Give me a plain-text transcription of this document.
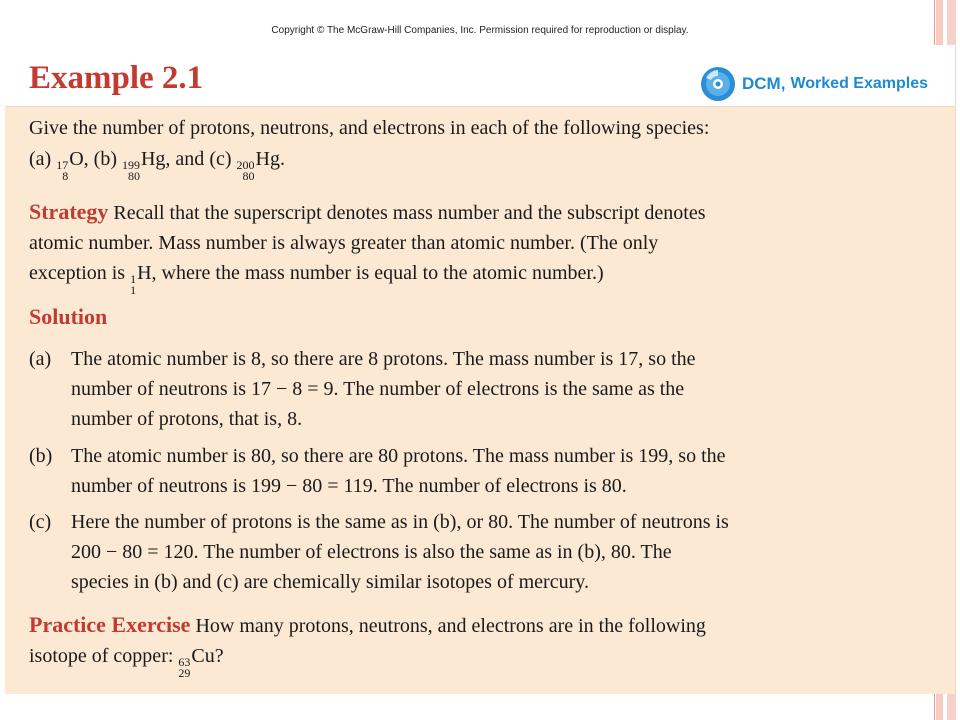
Copyright © The McGraw-Hill Companies, Inc. Permission required for reproduction or display.
Example 2.1	DCM, Worked Examples

Give the number of protons, neutrons, and electrons in each of the following species:

(a) 17
8
O, (b) 199
80
Hg, and (c) 200
80
Hg.

Strategy Recall that the superscript denotes mass number and the subscript denotes

atomic number. Mass number is always greater than atomic number. (The only

exception is 1
1
H, where the mass number is equal to the atomic number.)

Solution

(a) The atomic number is 8, so there are 8 protons. The mass number is 17, so the
number of neutrons is 17 − 8 = 9. The number of electrons is the same as the
number of protons, that is, 8.
(b) The atomic number is 80, so there are 80 protons. The mass number is 199, so the
number of neutrons is 199 − 80 = 119. The number of electrons is 80.
(c) Here the number of protons is the same as in (b), or 80. The number of neutrons is
200 − 80 = 120. The number of electrons is also the same as in (b), 80. The
species in (b) and (c) are chemically similar isotopes of mercury.

Practice Exercise How many protons, neutrons, and electrons are in the following

isotope of copper: 63
29
Cu?
